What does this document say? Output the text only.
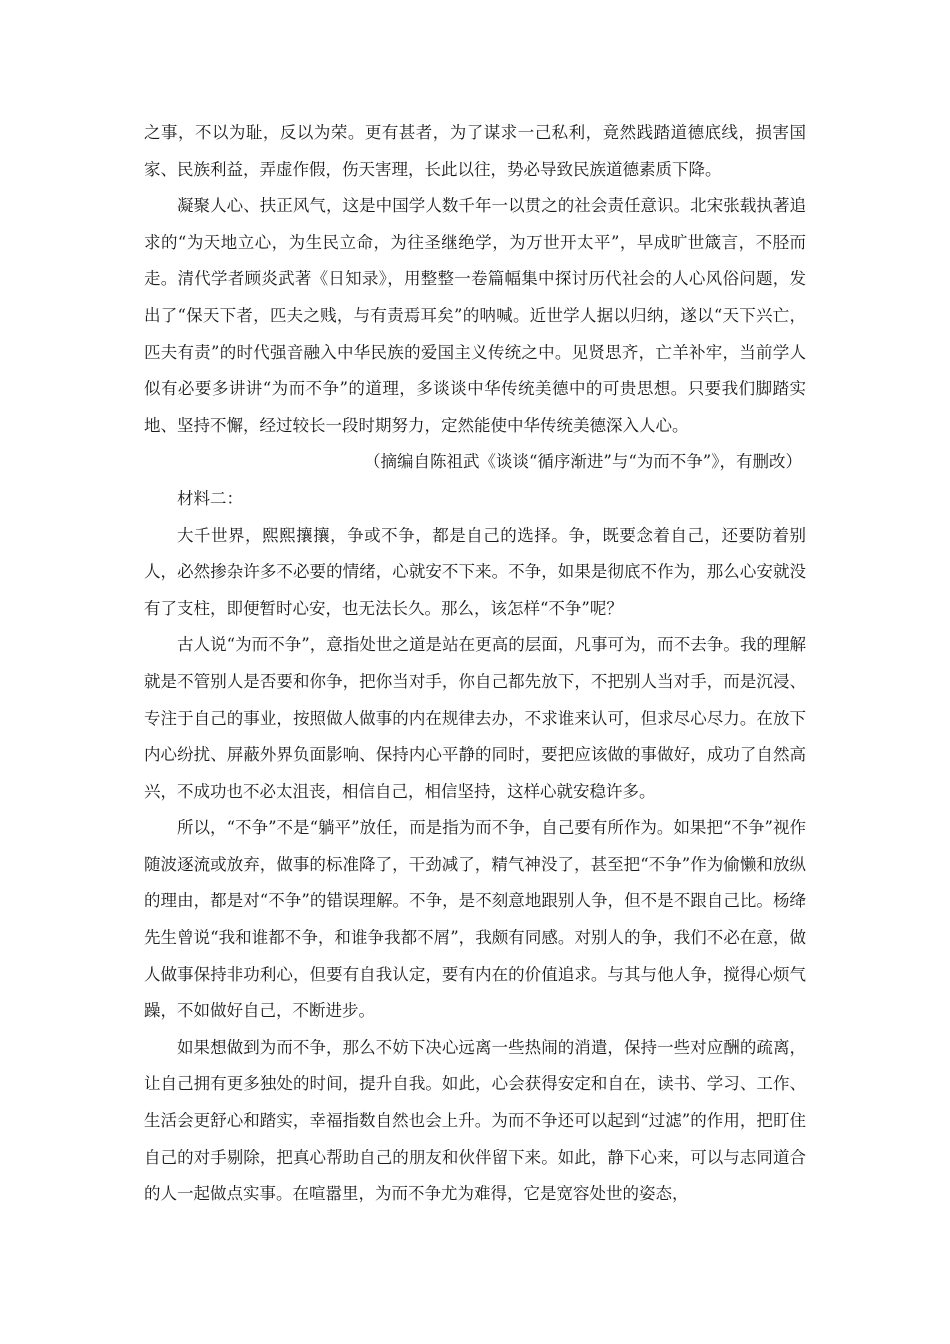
之事，不以为耻，反以为荣。更有甚者，为了谋求一己私利，竟然践踏道德底线，损害国家、民族利益，弄虚作假，伤天害理，长此以往，势必导致民族道德素质下降。

凝聚人心、扶正风气，这是中国学人数千年一以贯之的社会责任意识。北宋张载执著追求的“为天地立心，为生民立命，为往圣继绝学，为万世开太平”，早成旷世箴言，不胫而走。清代学者顾炎武著《日知录》，用整整一卷篇幅集中探讨历代社会的人心风俗问题，发出了“保天下者，匹夫之贱，与有责焉耳矣”的呐喊。近世学人据以归纳，遂以“天下兴亡，匹夫有责”的时代强音融入中华民族的爱国主义传统之中。见贤思齐，亡羊补牢，当前学人似有必要多讲讲“为而不争”的道理，多谈谈中华传统美德中的可贵思想。只要我们脚踏实地、坚持不懈，经过较长一段时期努力，定然能使中华传统美德深入人心。

（摘编自陈祖武《谈谈“循序渐进”与“为而不争”》，有删改）

材料二：

大千世界，熙熙攘攘，争或不争，都是自己的选择。争，既要念着自己，还要防着别人，必然掺杂许多不必要的情绪，心就安不下来。不争，如果是彻底不作为，那么心安就没有了支柱，即便暂时心安，也无法长久。那么，该怎样“不争”呢？

古人说“为而不争”，意指处世之道是站在更高的层面，凡事可为，而不去争。我的理解就是不管别人是否要和你争，把你当对手，你自己都先放下，不把别人当对手，而是沉浸、专注于自己的事业，按照做人做事的内在规律去办，不求谁来认可，但求尽心尽力。在放下内心纷扰、屏蔽外界负面影响、保持内心平静的同时，要把应该做的事做好，成功了自然高兴，不成功也不必太沮丧，相信自己，相信坚持，这样心就安稳许多。

所以，“不争”不是“躺平”放任，而是指为而不争，自己要有所作为。如果把“不争”视作随波逐流或放弃，做事的标准降了，干劲减了，精气神没了，甚至把“不争”作为偷懒和放纵的理由，都是对“不争”的错误理解。不争，是不刻意地跟别人争，但不是不跟自己比。杨绛先生曾说“我和谁都不争，和谁争我都不屑”，我颇有同感。对别人的争，我们不必在意，做人做事保持非功利心，但要有自我认定，要有内在的价值追求。与其与他人争，搅得心烦气躁，不如做好自己，不断进步。

如果想做到为而不争，那么不妨下决心远离一些热闹的消遣，保持一些对应酬的疏离，让自己拥有更多独处的时间，提升自我。如此，心会获得安定和自在，读书、学习、工作、生活会更舒心和踏实，幸福指数自然也会上升。为而不争还可以起到“过滤”的作用，把盯住自己的对手剔除，把真心帮助自己的朋友和伙伴留下来。如此，静下心来，可以与志同道合的人一起做点实事。在喧嚣里，为而不争尤为难得，它是宽容处世的姿态，
